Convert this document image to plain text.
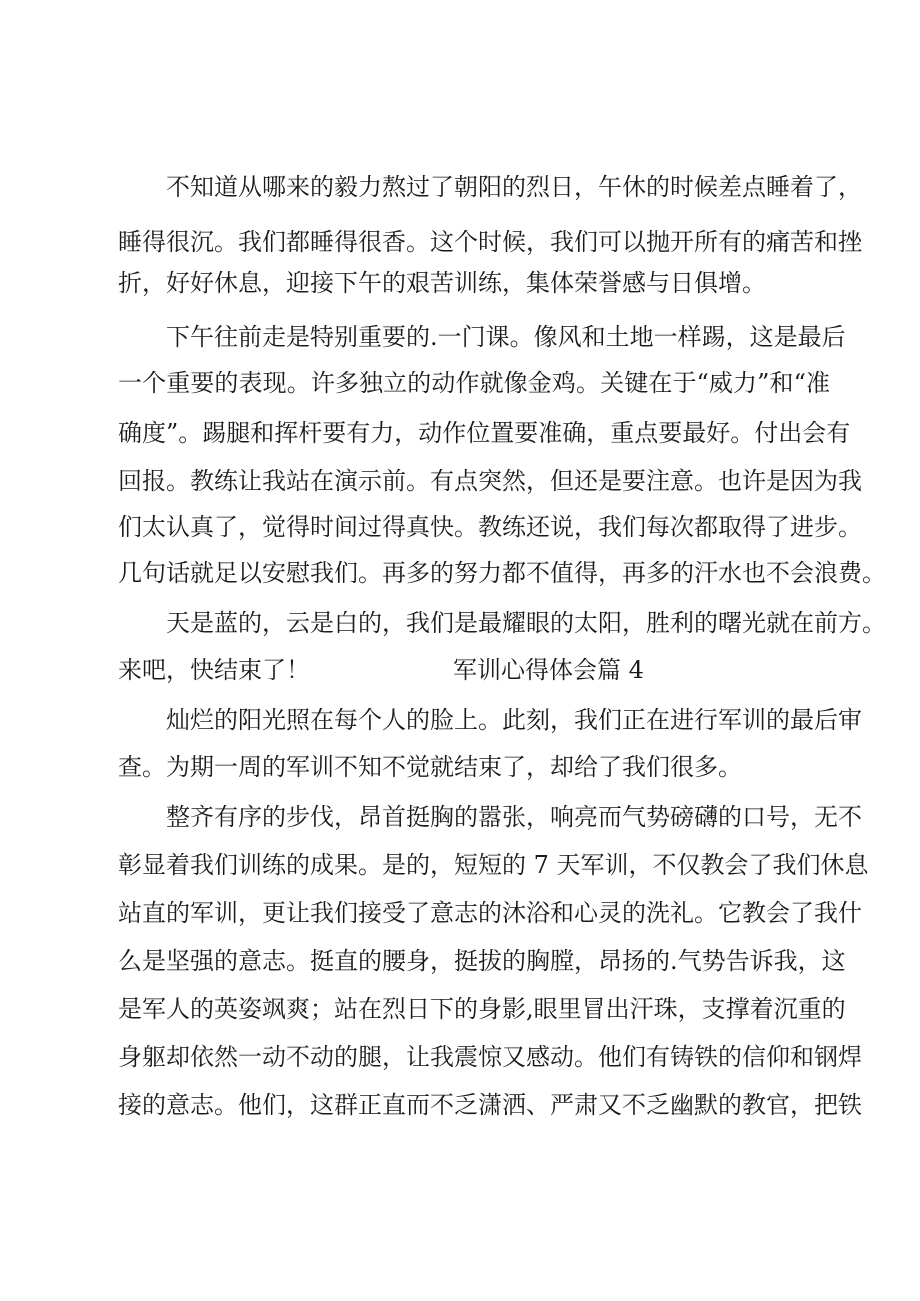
不知道从哪来的毅力熬过了朝阳的烈日，午休的时候差点睡着了，
睡得很沉。我们都睡得很香。这个时候，我们可以抛开所有的痛苦和挫
折，好好休息，迎接下午的艰苦训练，集体荣誉感与日俱增。
下午往前走是特别重要的.一门课。像风和土地一样踢，这是最后
一个重要的表现。许多独立的动作就像金鸡。关键在于“威力”和“准
确度”。踢腿和挥杆要有力，动作位置要准确，重点要最好。付出会有
回报。教练让我站在演示前。有点突然，但还是要注意。也许是因为我
们太认真了，觉得时间过得真快。教练还说，我们每次都取得了进步。
几句话就足以安慰我们。再多的努力都不值得，再多的汗水也不会浪费。
天是蓝的，云是白的，我们是最耀眼的太阳，胜利的曙光就在前方。
来吧，快结束了！	军训心得体会篇 4
灿烂的阳光照在每个人的脸上。此刻，我们正在进行军训的最后审
查。为期一周的军训不知不觉就结束了，却给了我们很多。
整齐有序的步伐，昂首挺胸的嚣张，响亮而气势磅礴的口号，无不
彰显着我们训练的成果。是的，短短的 7 天军训，不仅教会了我们休息
站直的军训，更让我们接受了意志的沐浴和心灵的洗礼。它教会了我什
么是坚强的意志。挺直的腰身，挺拔的胸膛，昂扬的.气势告诉我，这
是军人的英姿飒爽；站在烈日下的身影,眼里冒出汗珠，支撑着沉重的
身躯却依然一动不动的腿，让我震惊又感动。他们有铸铁的信仰和钢焊
接的意志。他们，这群正直而不乏潇洒、严肃又不乏幽默的教官，把铁
